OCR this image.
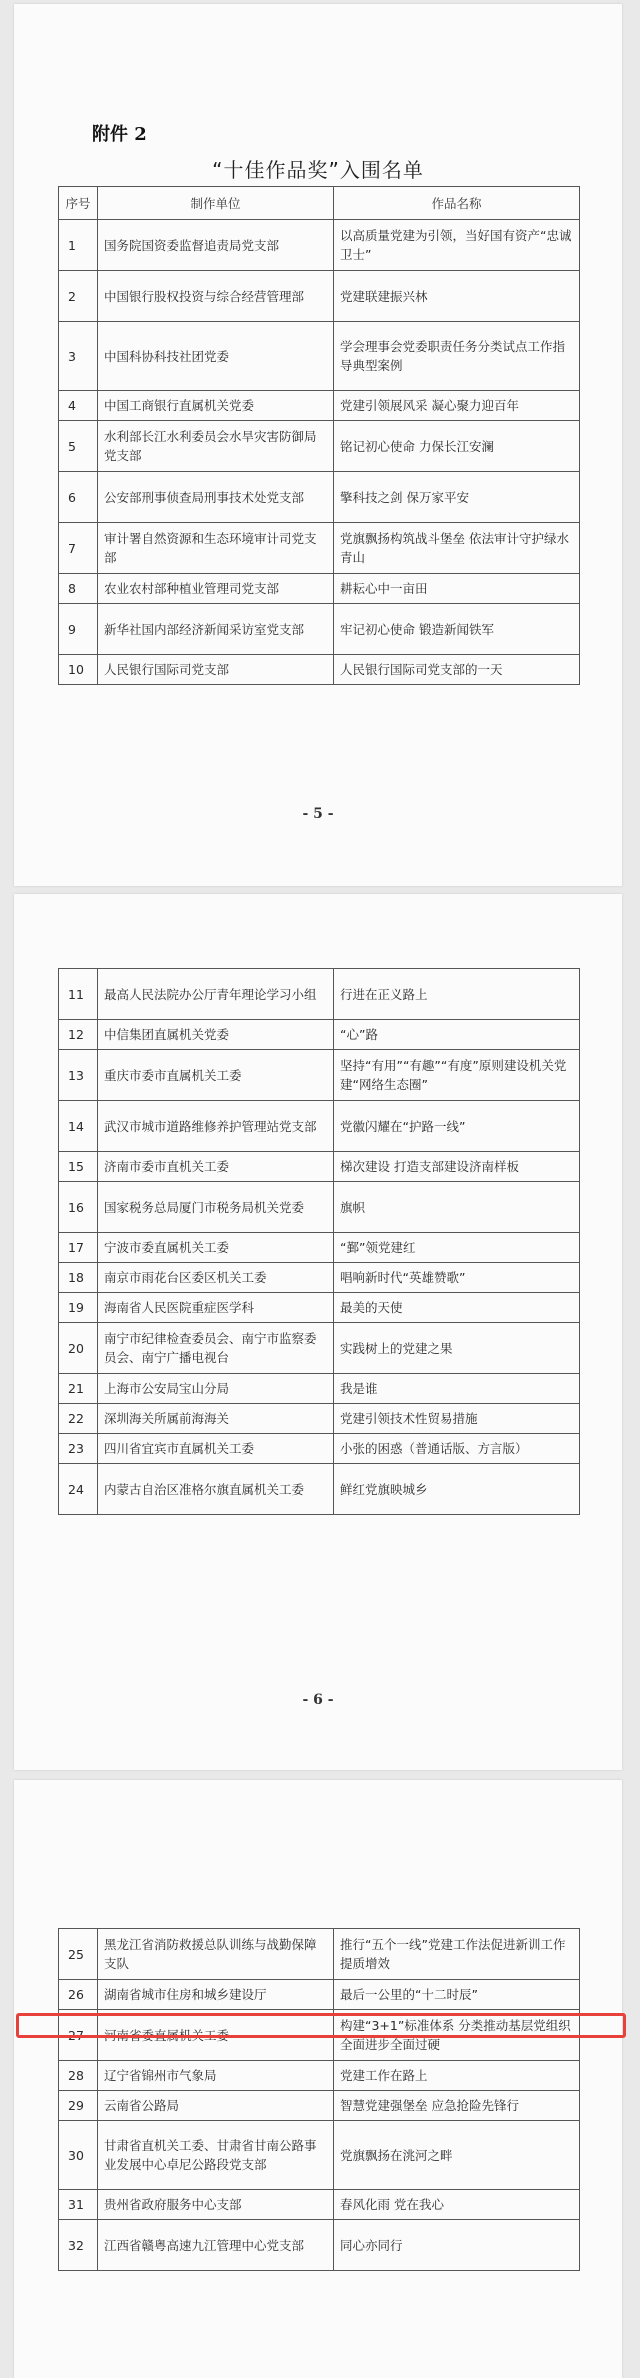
附件 2
“十佳作品奖”入围名单
序号	制作单位	作品名称
1	国务院国资委监督追责局党支部	以高质量党建为引领，当好国有资产“忠诚卫士”
2	中国银行股权投资与综合经营管理部	党建联建振兴林
3	中国科协科技社团党委	学会理事会党委职责任务分类试点工作指导典型案例
4	中国工商银行直属机关党委	党建引领展风采 凝心聚力迎百年
5	水利部长江水利委员会水旱灾害防御局党支部	铭记初心使命 力保长江安澜
6	公安部刑事侦查局刑事技术处党支部	擎科技之剑 保万家平安
7	审计署自然资源和生态环境审计司党支部	党旗飘扬构筑战斗堡垒 依法审计守护绿水青山
8	农业农村部种植业管理司党支部	耕耘心中一亩田
9	新华社国内部经济新闻采访室党支部	牢记初心使命 锻造新闻铁军
10	人民银行国际司党支部	人民银行国际司党支部的一天
- 5 -
11	最高人民法院办公厅青年理论学习小组	行进在正义路上
12	中信集团直属机关党委	“心”路
13	重庆市委市直属机关工委	坚持“有用”“有趣”“有度”原则建设机关党建“网络生态圈”
14	武汉市城市道路维修养护管理站党支部	党徽闪耀在“护路一线”
15	济南市委市直机关工委	梯次建设 打造支部建设济南样板
16	国家税务总局厦门市税务局机关党委	旗帜
17	宁波市委直属机关工委	“鄞”领党建红
18	南京市雨花台区委区机关工委	唱响新时代“英雄赞歌”
19	海南省人民医院重症医学科	最美的天使
20	南宁市纪律检查委员会、南宁市监察委员会、南宁广播电视台	实践树上的党建之果
21	上海市公安局宝山分局	我是谁
22	深圳海关所属前海海关	党建引领技术性贸易措施
23	四川省宜宾市直属机关工委	小张的困惑（普通话版、方言版）
24	内蒙古自治区准格尔旗直属机关工委	鲜红党旗映城乡
- 6 -
25	黑龙江省消防救援总队训练与战勤保障支队	推行“五个一线”党建工作法促进新训工作提质增效
26	湖南省城市住房和城乡建设厅	最后一公里的“十二时辰”
27	河南省委直属机关工委	构建“3+1”标准体系 分类推动基层党组织全面进步全面过硬
28	辽宁省锦州市气象局	党建工作在路上
29	云南省公路局	智慧党建强堡垒 应急抢险先锋行
30	甘肃省直机关工委、甘肃省甘南公路事业发展中心卓尼公路段党支部	党旗飘扬在洮河之畔
31	贵州省政府服务中心支部	春风化雨 党在我心
32	江西省赣粤高速九江管理中心党支部	同心亦同行
